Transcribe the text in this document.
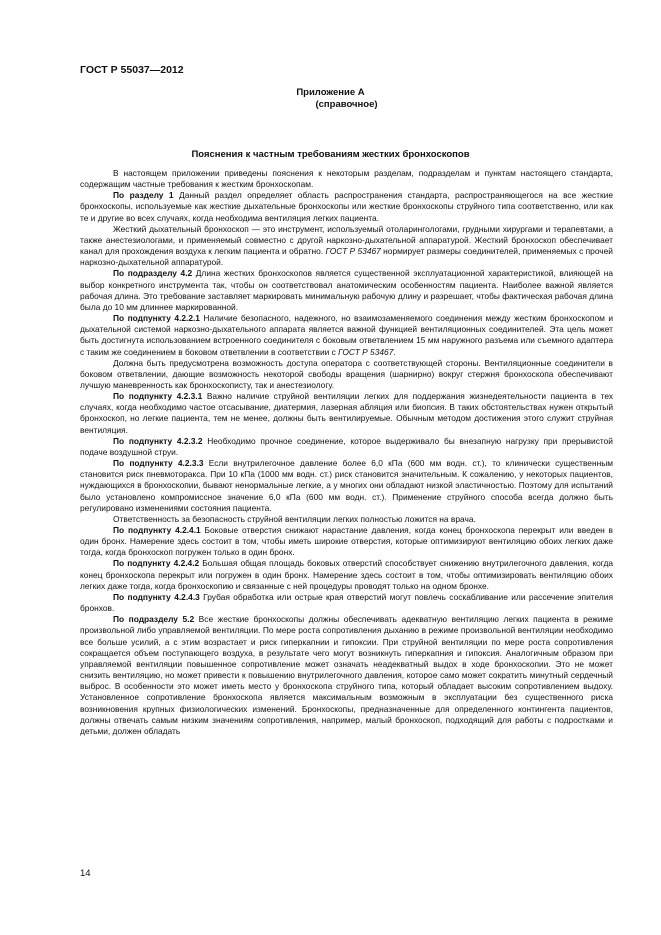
ГОСТ Р 55037—2012
Приложение А
(справочное)
Пояснения к частным требованиям жестких бронхоскопов

В настоящем приложении приведены пояснения к некоторым разделам, подразделам и пунктам настоящего стандарта, содержащим частные требования к жестким бронхоскопам.

По разделу 1 Данный раздел определяет область распространения стандарта, распространяющегося на все жесткие бронхоскопы, используемые как жесткие дыхательные бронхоскопы или жесткие бронхоскопы струйного типа соответственно, или как те и другие во всех случаях, когда необходима вентиляция легких пациента.

Жесткий дыхательный бронхоскоп — это инструмент, используемый отоларингологами, грудными хирургами и терапевтами, а также анестезиологами, и применяемый совместно с другой наркозно-дыхательной аппаратурой. Жесткий бронхоскоп обеспечивает канал для прохождения воздуха к легким пациента и обратно. ГОСТ Р 53467 нормирует размеры соединителей, применяемых с прочей наркозно-дыхательной аппаратурой.

По подразделу 4.2 Длина жестких бронхоскопов является существенной эксплуатационной характеристикой, влияющей на выбор конкретного инструмента так, чтобы он соответствовал анатомическим особенностям пациента. Наиболее важной является рабочая длина. Это требование заставляет маркировать минимальную рабочую длину и разрешает, чтобы фактическая рабочая длина была до 10 мм длиннее маркированной.

По подпункту 4.2.2.1 Наличие безопасного, надежного, но взаимозаменяемого соединения между жестким бронхоскопом и дыхательной системой наркозно-дыхательного аппарата является важной функцией вентиляционных соединителей. Эта цель может быть достигнута использованием встроенного соединителя с боковым ответвлением 15 мм наружного разъема или съемного адаптера с таким же соединением в боковом ответвлении в соответствии с ГОСТ Р 53467.

Должна быть предусмотрена возможность доступа оператора с соответствующей стороны. Вентиляционные соединители в боковом ответвлении, дающие возможность некоторой свободы вращения (шарнирно) вокруг стержня бронхоскопа обеспечивают лучшую маневренность как бронхоскописту, так и анестезиологу.

По подпункту 4.2.3.1 Важно наличие струйной вентиляции легких для поддержания жизнедеятельности пациента в тех случаях, когда необходимо частое отсасывание, диатермия, лазерная абляция или биопсия. В таких обстоятельствах нужен открытый бронхоскоп, но легкие пациента, тем не менее, должны быть вентилируемые. Обычным методом достижения этого служит струйная вентиляция.

По подпункту 4.2.3.2 Необходимо прочное соединение, которое выдерживало бы внезапную нагрузку при прерывистой подаче воздушной струи.

По подпункту 4.2.3.3 Если внутрилегочное давление более 6,0 кПа (600 мм водн. ст.), то клинически существенным становится риск пневмоторакса. При 10 кПа (1000 мм водн. ст.) риск становится значительным. К сожалению, у некоторых пациентов, нуждающихся в бронхоскопии, бывают ненормальные легкие, а у многих они обладают низкой эластичностью. Поэтому для испытаний было установлено компромиссное значение 6,0 кПа (600 мм водн. ст.). Применение струйного способа всегда должно быть регулировано изменениями состояния пациента.

Ответственность за безопасность струйной вентиляции легких полностью ложится на врача.

По подпункту 4.2.4.1 Боковые отверстия снижают нарастание давления, когда конец бронхоскопа перекрыт или введен в один бронх. Намерение здесь состоит в том, чтобы иметь широкие отверстия, которые оптимизируют вентиляцию обоих легких даже тогда, когда бронхоскоп погружен только в один бронх.

По подпункту 4.2.4.2 Большая общая площадь боковых отверстий способствует снижению внутрилегочного давления, когда конец бронхоскопа перекрыт или погружен в один бронх. Намерение здесь состоит в том, чтобы оптимизировать вентиляцию обоих легких даже тогда, когда бронхоскопию и связанные с ней процедуры проводят только на одном бронхе.

По подпункту 4.2.4.3 Грубая обработка или острые края отверстий могут повлечь соскабливание или рассечение эпителия бронхов.

По подразделу 5.2 Все жесткие бронхоскопы должны обеспечивать адекватную вентиляцию легких пациента в режиме произвольной либо управляемой вентиляции. По мере роста сопротивления дыханию в режиме произвольной вентиляции необходимо все больше усилий, а с этим возрастает и риск гиперкапнии и гипоксии. При струйной вентиляции по мере роста сопротивления сокращается объем поступающего воздуха, в результате чего могут возникнуть гиперкапния и гипоксия. Аналогичным образом при управляемой вентиляции повышенное сопротивление может означать неадекватный выдох в ходе бронхоскопии. Это не может снизить вентиляцию, но может привести к повышению внутрилегочного давления, которое само может сократить минутный сердечный выброс. В особенности это может иметь место у бронхоскопа струйного типа, который обладает высоким сопротивлением выдоху. Установленное сопротивление бронхоскопа является максимальным возможным в эксплуатации без существенного риска возникновения крупных физиологических изменений. Бронхоскопы, предназначенные для определенного контингента пациентов, должны отвечать самым низким значениям сопротивления, например, малый бронхоскоп, подходящий для работы с подростками и детьми, должен обладать

14
